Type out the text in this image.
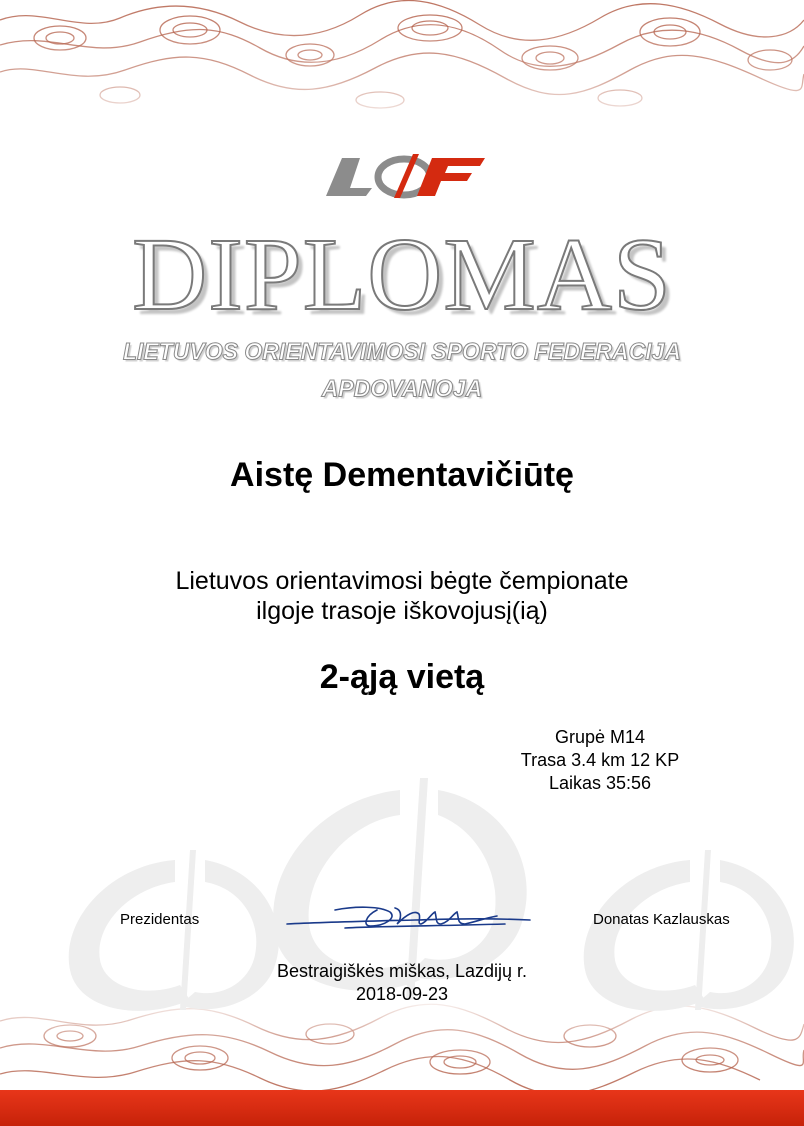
DIPLOMAS
LIETUVOS ORIENTAVIMOSI SPORTO FEDERACIJA
APDOVANOJA
Aistę Dementavičiūtę
Lietuvos orientavimosi bėgte čempionate
ilgoje trasoje iškovojusį(ią)
2-ąją vietą
Grupė M14
Trasa 3.4 km 12 KP
Laikas 35:56
Prezidentas	Donatas Kazlauskas
Bestraigiškės miškas, Lazdijų r.
2018-09-23
